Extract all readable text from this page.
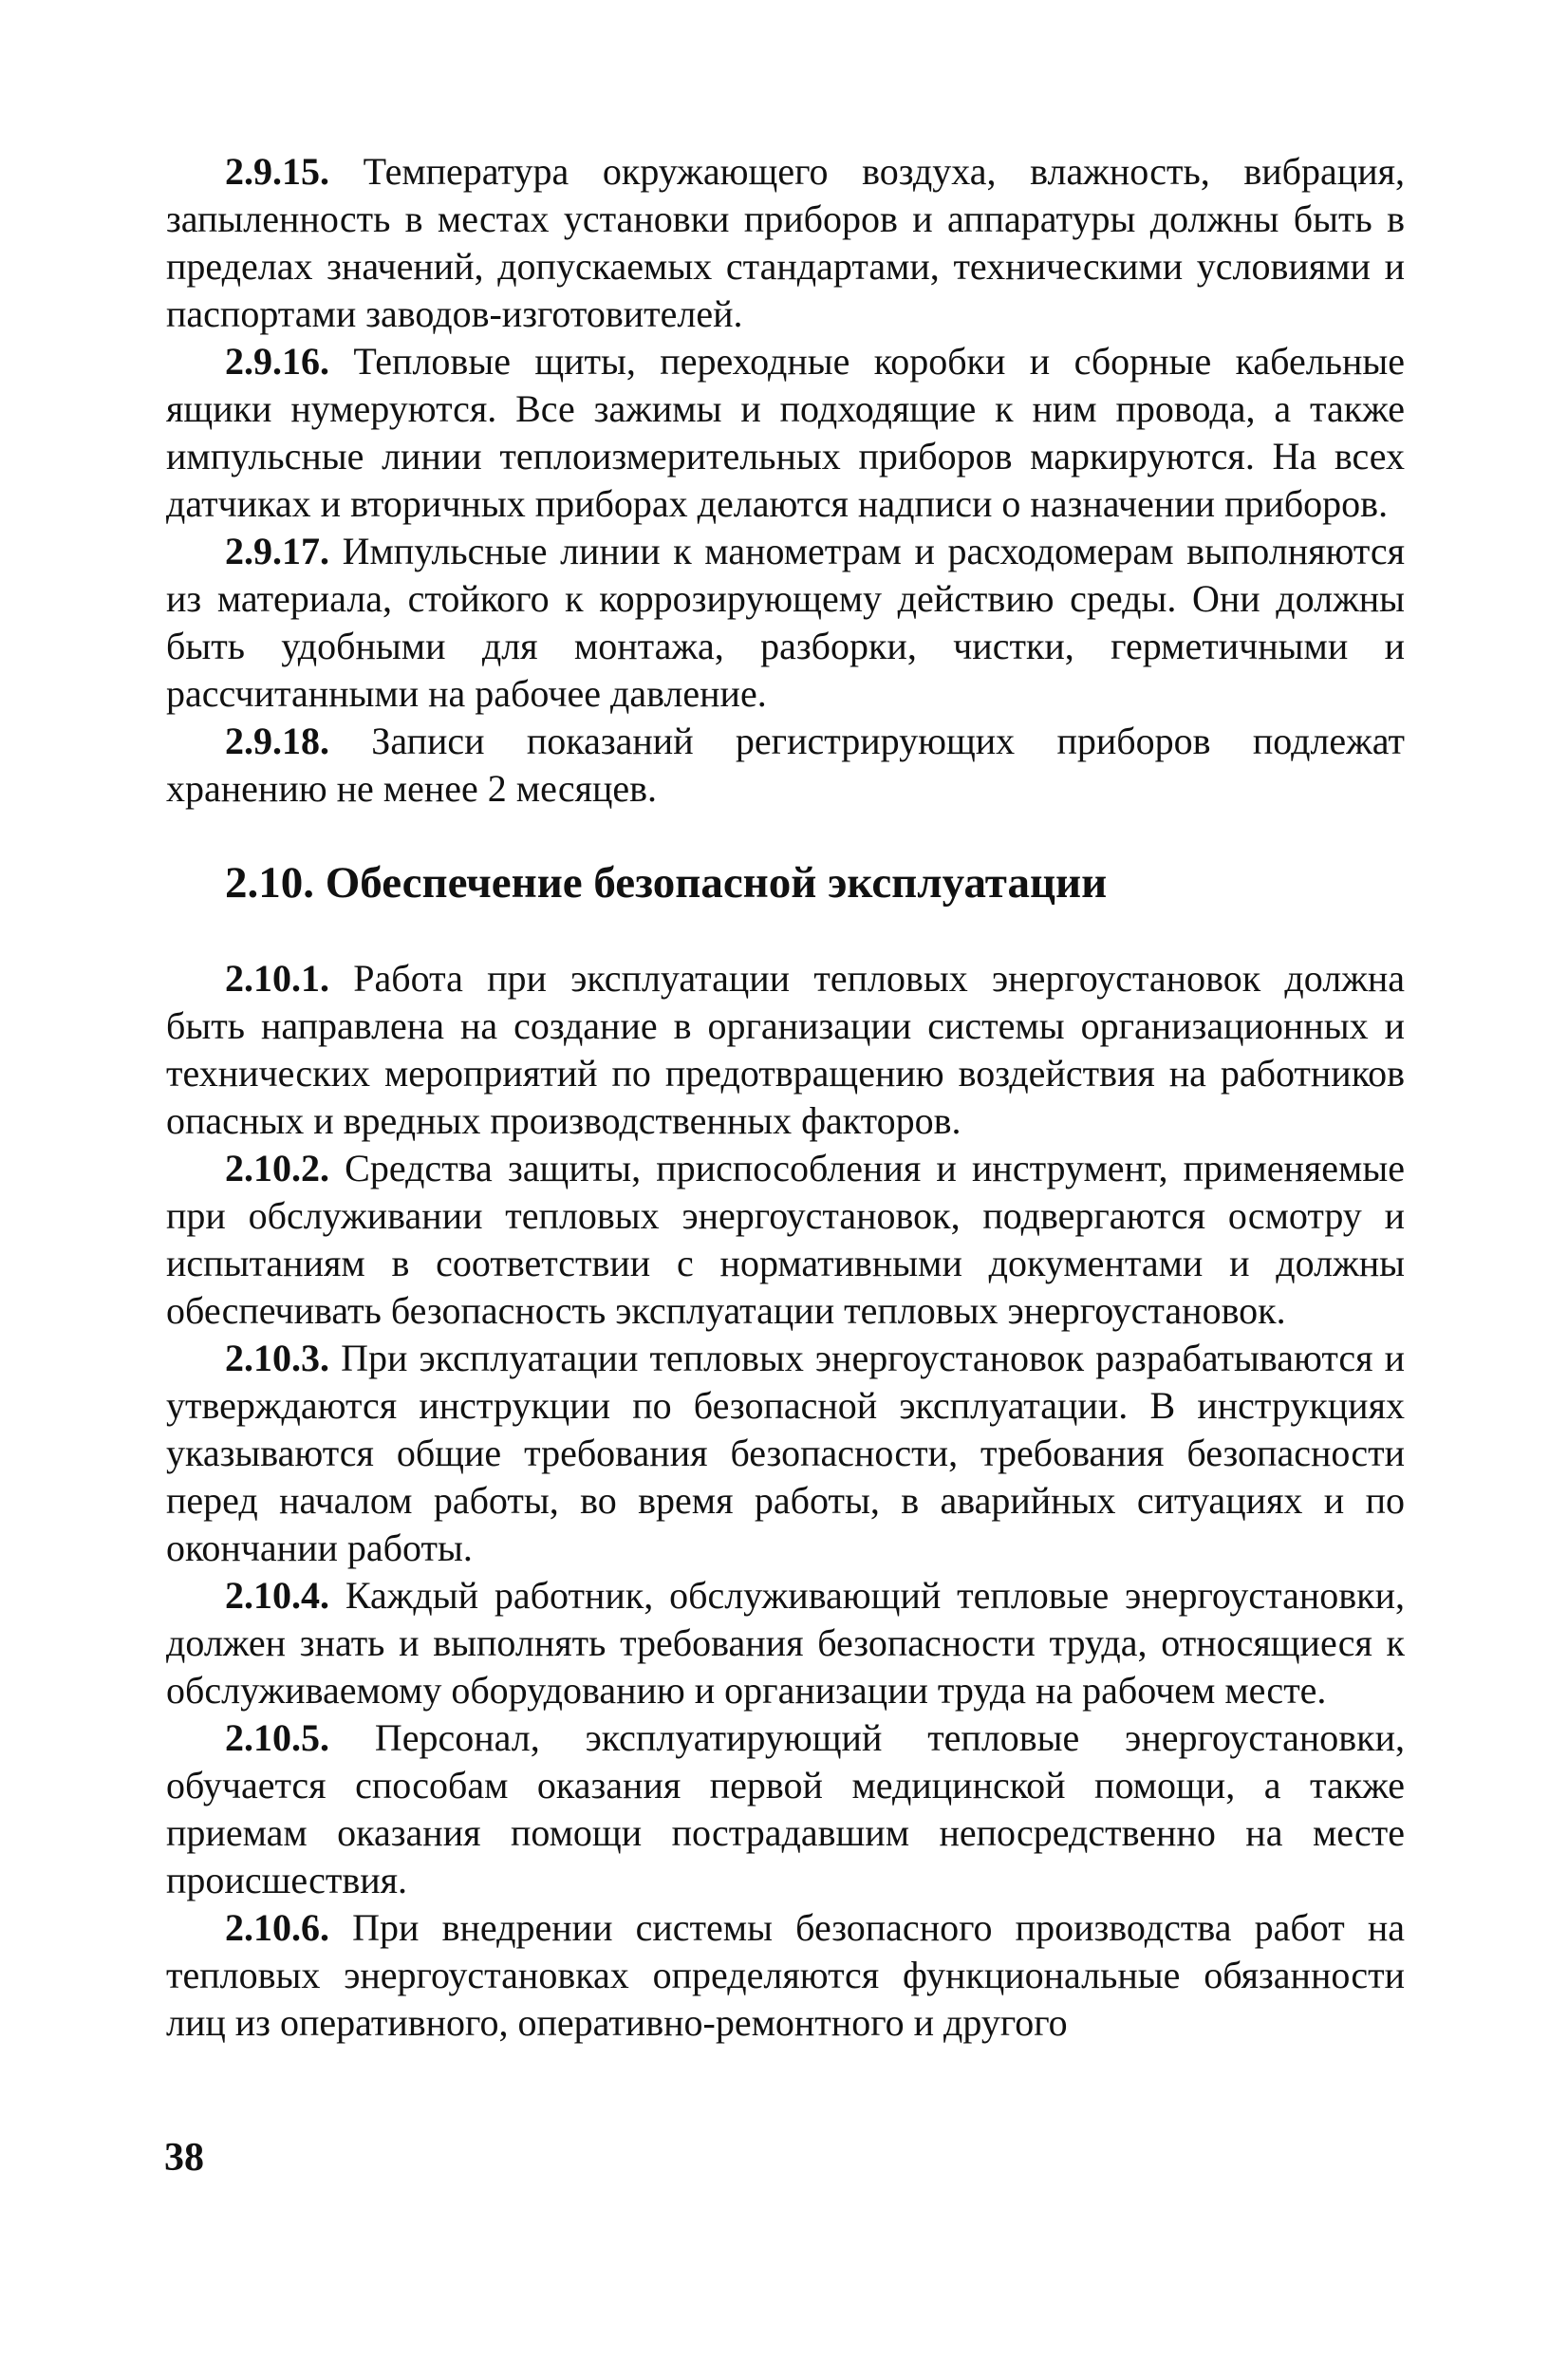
2.9.15. Температура окружающего воздуха, влажность, вибрация, запыленность в местах установки приборов и аппаратуры должны быть в пределах значений, допускаемых стандартами, техническими условиями и паспортами заводов-изготовителей.

2.9.16. Тепловые щиты, переходные коробки и сборные кабельные ящики нумеруются. Все зажимы и подходящие к ним провода, а также импульсные линии теплоизмерительных приборов маркируются. На всех датчиках и вторичных приборах делаются надписи о назначении приборов.

2.9.17. Импульсные линии к манометрам и расходомерам выполняются из материала, стойкого к коррозирующему действию среды. Они должны быть удобными для монтажа, разборки, чистки, герметичными и рассчитанными на рабочее давление.

2.9.18. Записи показаний регистрирующих приборов подлежат хранению не менее 2 месяцев.

2.10. Обеспечение безопасной эксплуатации

2.10.1. Работа при эксплуатации тепловых энергоустановок должна быть направлена на создание в организации системы организационных и технических мероприятий по предотвращению воздействия на работников опасных и вредных производственных факторов.

2.10.2. Средства защиты, приспособления и инструмент, применяемые при обслуживании тепловых энергоустановок, подвергаются осмотру и испытаниям в соответствии с нормативными документами и должны обеспечивать безопасность эксплуатации тепловых энергоустановок.

2.10.3. При эксплуатации тепловых энергоустановок разрабатываются и утверждаются инструкции по безопасной эксплуатации. В инструкциях указываются общие требования безопасности, требования безопасности перед началом работы, во время работы, в аварийных ситуациях и по окончании работы.

2.10.4. Каждый работник, обслуживающий тепловые энергоустановки, должен знать и выполнять требования безопасности труда, относящиеся к обслуживаемому оборудованию и организации труда на рабочем месте.

2.10.5. Персонал, эксплуатирующий тепловые энергоустановки, обучается способам оказания первой медицинской помощи, а также приемам оказания помощи пострадавшим непосредственно на месте происшествия.

2.10.6. При внедрении системы безопасного производства работ на тепловых энергоустановках определяются функциональные обязанности лиц из оперативного, оперативно-ремонтного и другого

38
